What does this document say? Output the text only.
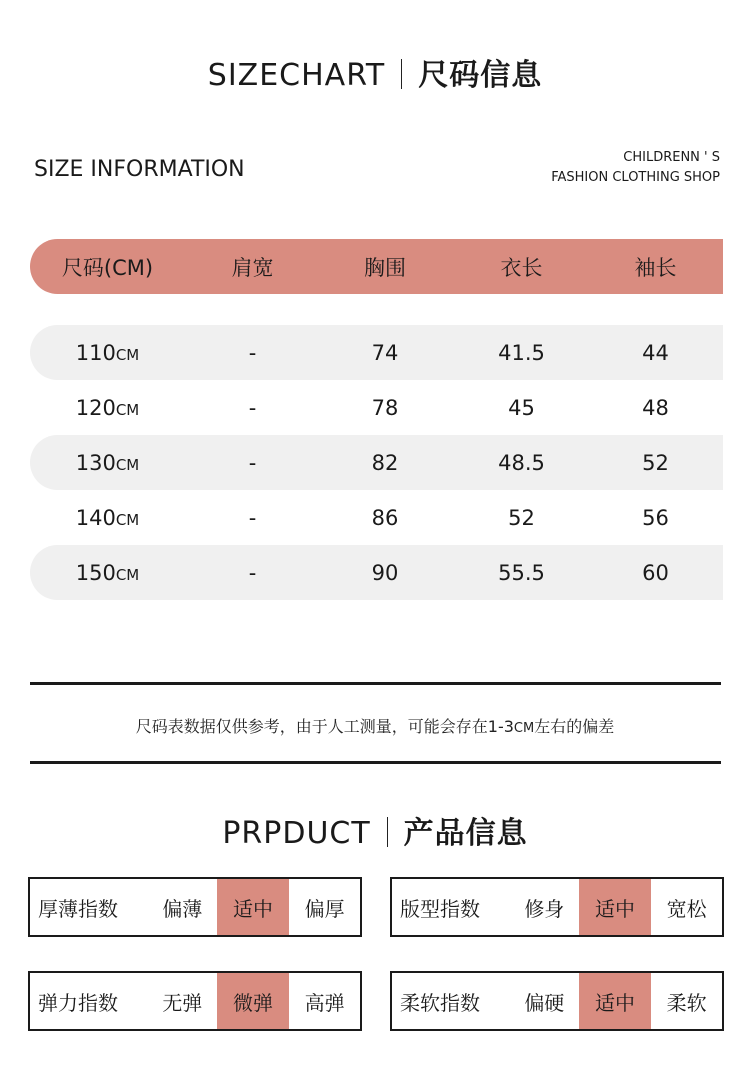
SIZECHART 尺码信息
SIZE INFORMATION	CHILDRENN ' S
FASHION CLOTHING SHOP
尺码(CM)	肩宽	胸围	衣长	袖长
110CM	-	74	41.5	44
120CM	-	78	45	48
130CM	-	82	48.5	52
140CM	-	86	52	56
150CM	-	90	55.5	60
尺码表数据仅供参考，由于人工测量，可能会存在1-3CM左右的偏差
PRPDUCT 产品信息
厚薄指数	偏薄	适中	偏厚	版型指数	修身	适中	宽松
弹力指数	无弹	微弹	高弹	柔软指数	偏硬	适中	柔软
